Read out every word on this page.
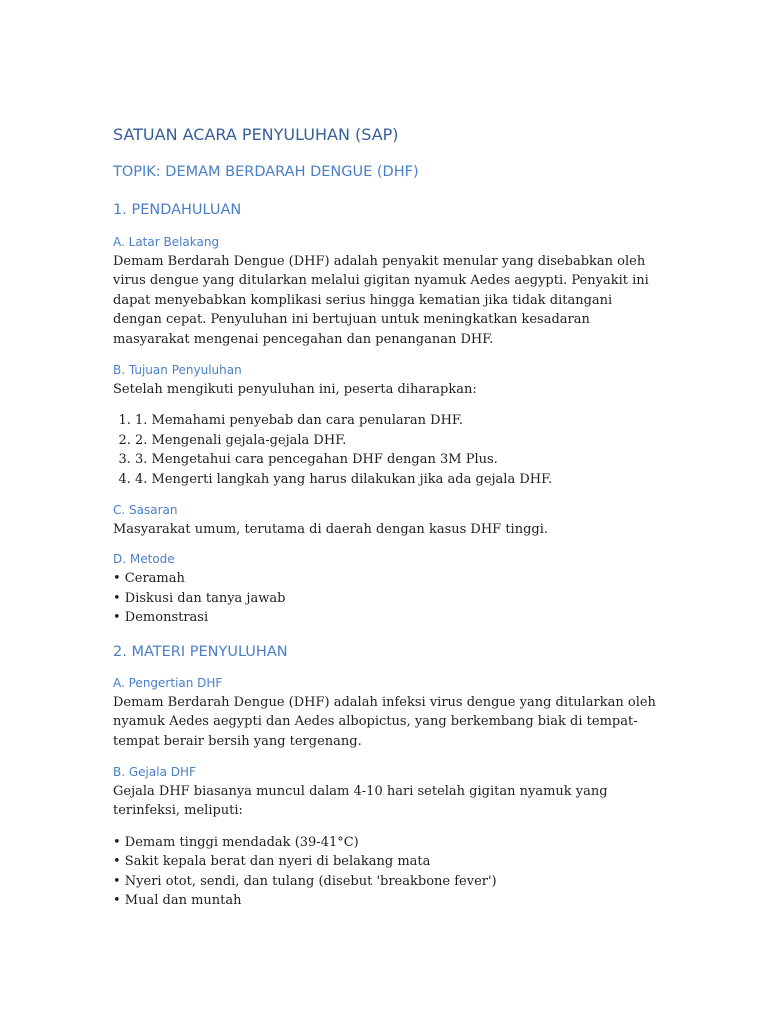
SATUAN ACARA PENYULUHAN (SAP)
TOPIK: DEMAM BERDARAH DENGUE (DHF)
1. PENDAHULUAN
A. Latar Belakang

Demam Berdarah Dengue (DHF) adalah penyakit menular yang disebabkan oleh virus dengue yang ditularkan melalui gigitan nyamuk Aedes aegypti. Penyakit ini dapat menyebabkan komplikasi serius hingga kematian jika tidak ditangani dengan cepat. Penyuluhan ini bertujuan untuk meningkatkan kesadaran masyarakat mengenai pencegahan dan penanganan DHF.

B. Tujuan Penyuluhan

Setelah mengikuti penyuluhan ini, peserta diharapkan:

1. 1. Memahami penyebab dan cara penularan DHF.
2. 2. Mengenali gejala-gejala DHF.
3. 3. Mengetahui cara pencegahan DHF dengan 3M Plus.
4. 4. Mengerti langkah yang harus dilakukan jika ada gejala DHF.
C. Sasaran

Masyarakat umum, terutama di daerah dengan kasus DHF tinggi.

D. Metode
• Ceramah
• Diskusi dan tanya jawab
• Demonstrasi
2. MATERI PENYULUHAN
A. Pengertian DHF

Demam Berdarah Dengue (DHF) adalah infeksi virus dengue yang ditularkan oleh nyamuk Aedes aegypti dan Aedes albopictus, yang berkembang biak di tempat-tempat berair bersih yang tergenang.

B. Gejala DHF

Gejala DHF biasanya muncul dalam 4-10 hari setelah gigitan nyamuk yang terinfeksi, meliputi:

• Demam tinggi mendadak (39-41°C)
• Sakit kepala berat dan nyeri di belakang mata
• Nyeri otot, sendi, dan tulang (disebut 'breakbone fever')
• Mual dan muntah
